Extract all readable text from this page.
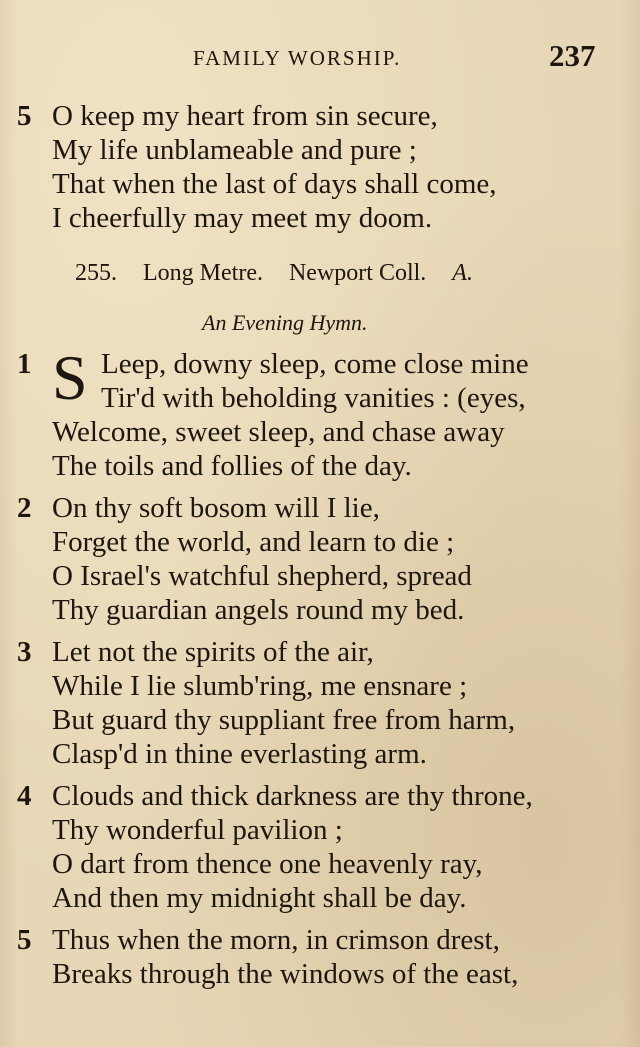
FAMILY WORSHIP.	237
5 O keep my heart from sin secure,
My life unblameable and pure ;
That when the last of days shall come,
I cheerfully may meet my doom.
255. Long Metre. Newport Coll. A.
An Evening Hymn.
1 S Leep, downy sleep, come close mine
Tir'd with beholding vanities : (eyes,
Welcome, sweet sleep, and chase away
The toils and follies of the day.
2 On thy soft bosom will I lie,
Forget the world, and learn to die ;
O Israel's watchful shepherd, spread
Thy guardian angels round my bed.
3 Let not the spirits of the air,
While I lie slumb'ring, me ensnare ;
But guard thy suppliant free from harm,
Clasp'd in thine everlasting arm.
4 Clouds and thick darkness are thy throne,
Thy wonderful pavilion ;
O dart from thence one heavenly ray,
And then my midnight shall be day.
5 Thus when the morn, in crimson drest,
Breaks through the windows of the east,
